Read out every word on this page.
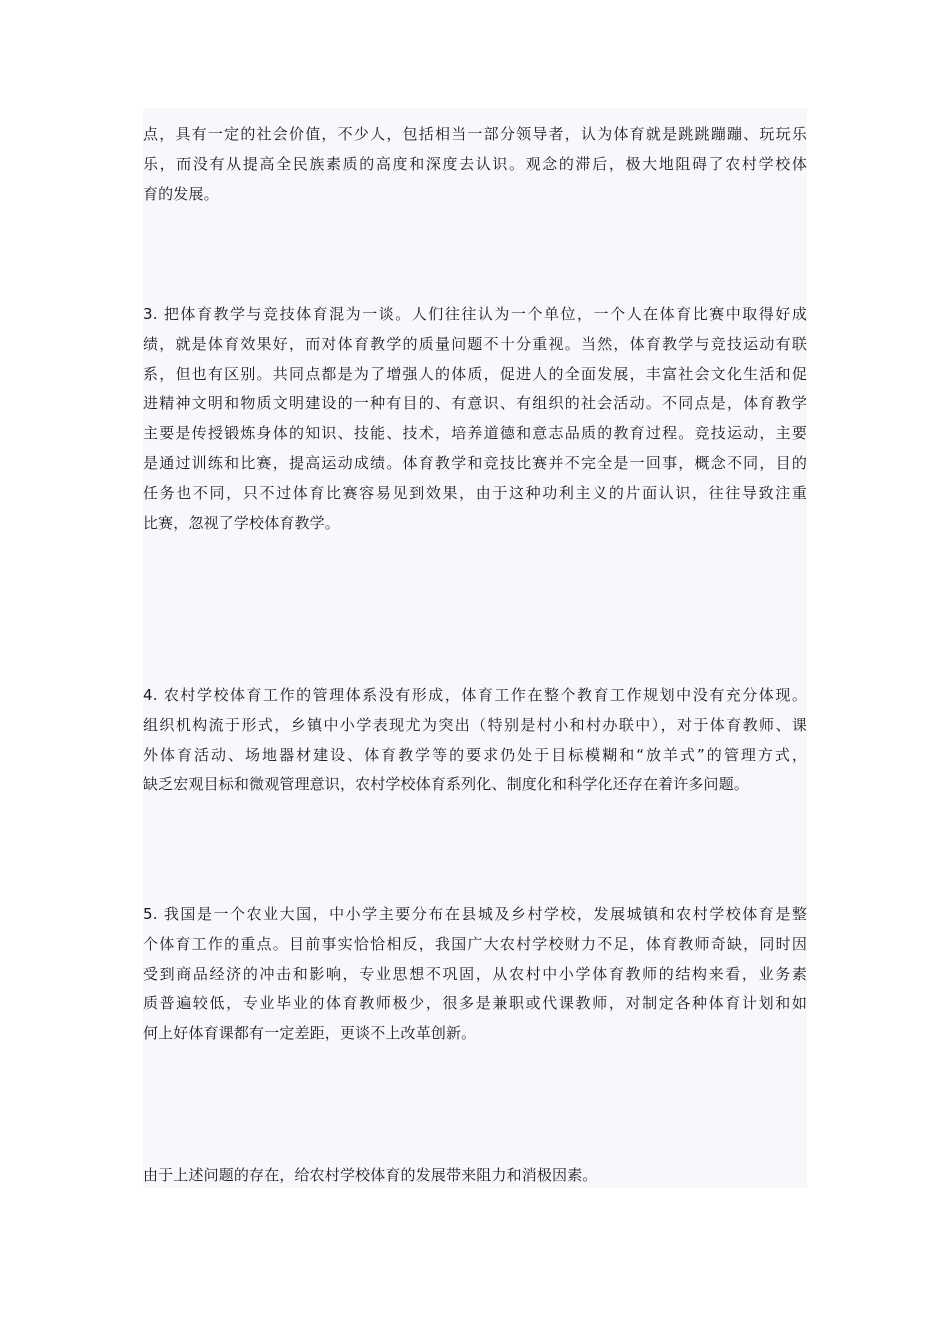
点，具有一定的社会价值，不少人，包括相当一部分领导者，认为体育就是跳跳蹦蹦、玩玩乐
乐，而没有从提高全民族素质的高度和深度去认识。观念的滞后，极大地阻碍了农村学校体
育的发展。

3. 把体育教学与竞技体育混为一谈。人们往往认为一个单位，一个人在体育比赛中取得好成
绩，就是体育效果好，而对体育教学的质量问题不十分重视。当然，体育教学与竞技运动有联
系，但也有区别。共同点都是为了增强人的体质，促进人的全面发展，丰富社会文化生活和促
进精神文明和物质文明建设的一种有目的、有意识、有组织的社会活动。不同点是，体育教学
主要是传授锻炼身体的知识、技能、技术，培养道德和意志品质的教育过程。竞技运动，主要
是通过训练和比赛，提高运动成绩。体育教学和竞技比赛并不完全是一回事，概念不同，目的
任务也不同，只不过体育比赛容易见到效果，由于这种功利主义的片面认识，往往导致注重
比赛，忽视了学校体育教学。

4. 农村学校体育工作的管理体系没有形成，体育工作在整个教育工作规划中没有充分体现。
组织机构流于形式，乡镇中小学表现尤为突出（特别是村小和村办联中），对于体育教师、课
外体育活动、场地器材建设、体育教学等的要求仍处于目标模糊和“放羊式”的管理方式，
缺乏宏观目标和微观管理意识，农村学校体育系列化、制度化和科学化还存在着许多问题。

5. 我国是一个农业大国，中小学主要分布在县城及乡村学校，发展城镇和农村学校体育是整
个体育工作的重点。目前事实恰恰相反，我国广大农村学校财力不足，体育教师奇缺，同时因
受到商品经济的冲击和影响，专业思想不巩固，从农村中小学体育教师的结构来看，业务素
质普遍较低，专业毕业的体育教师极少，很多是兼职或代课教师，对制定各种体育计划和如
何上好体育课都有一定差距，更谈不上改革创新。

由于上述问题的存在，给农村学校体育的发展带来阻力和消极因素。
